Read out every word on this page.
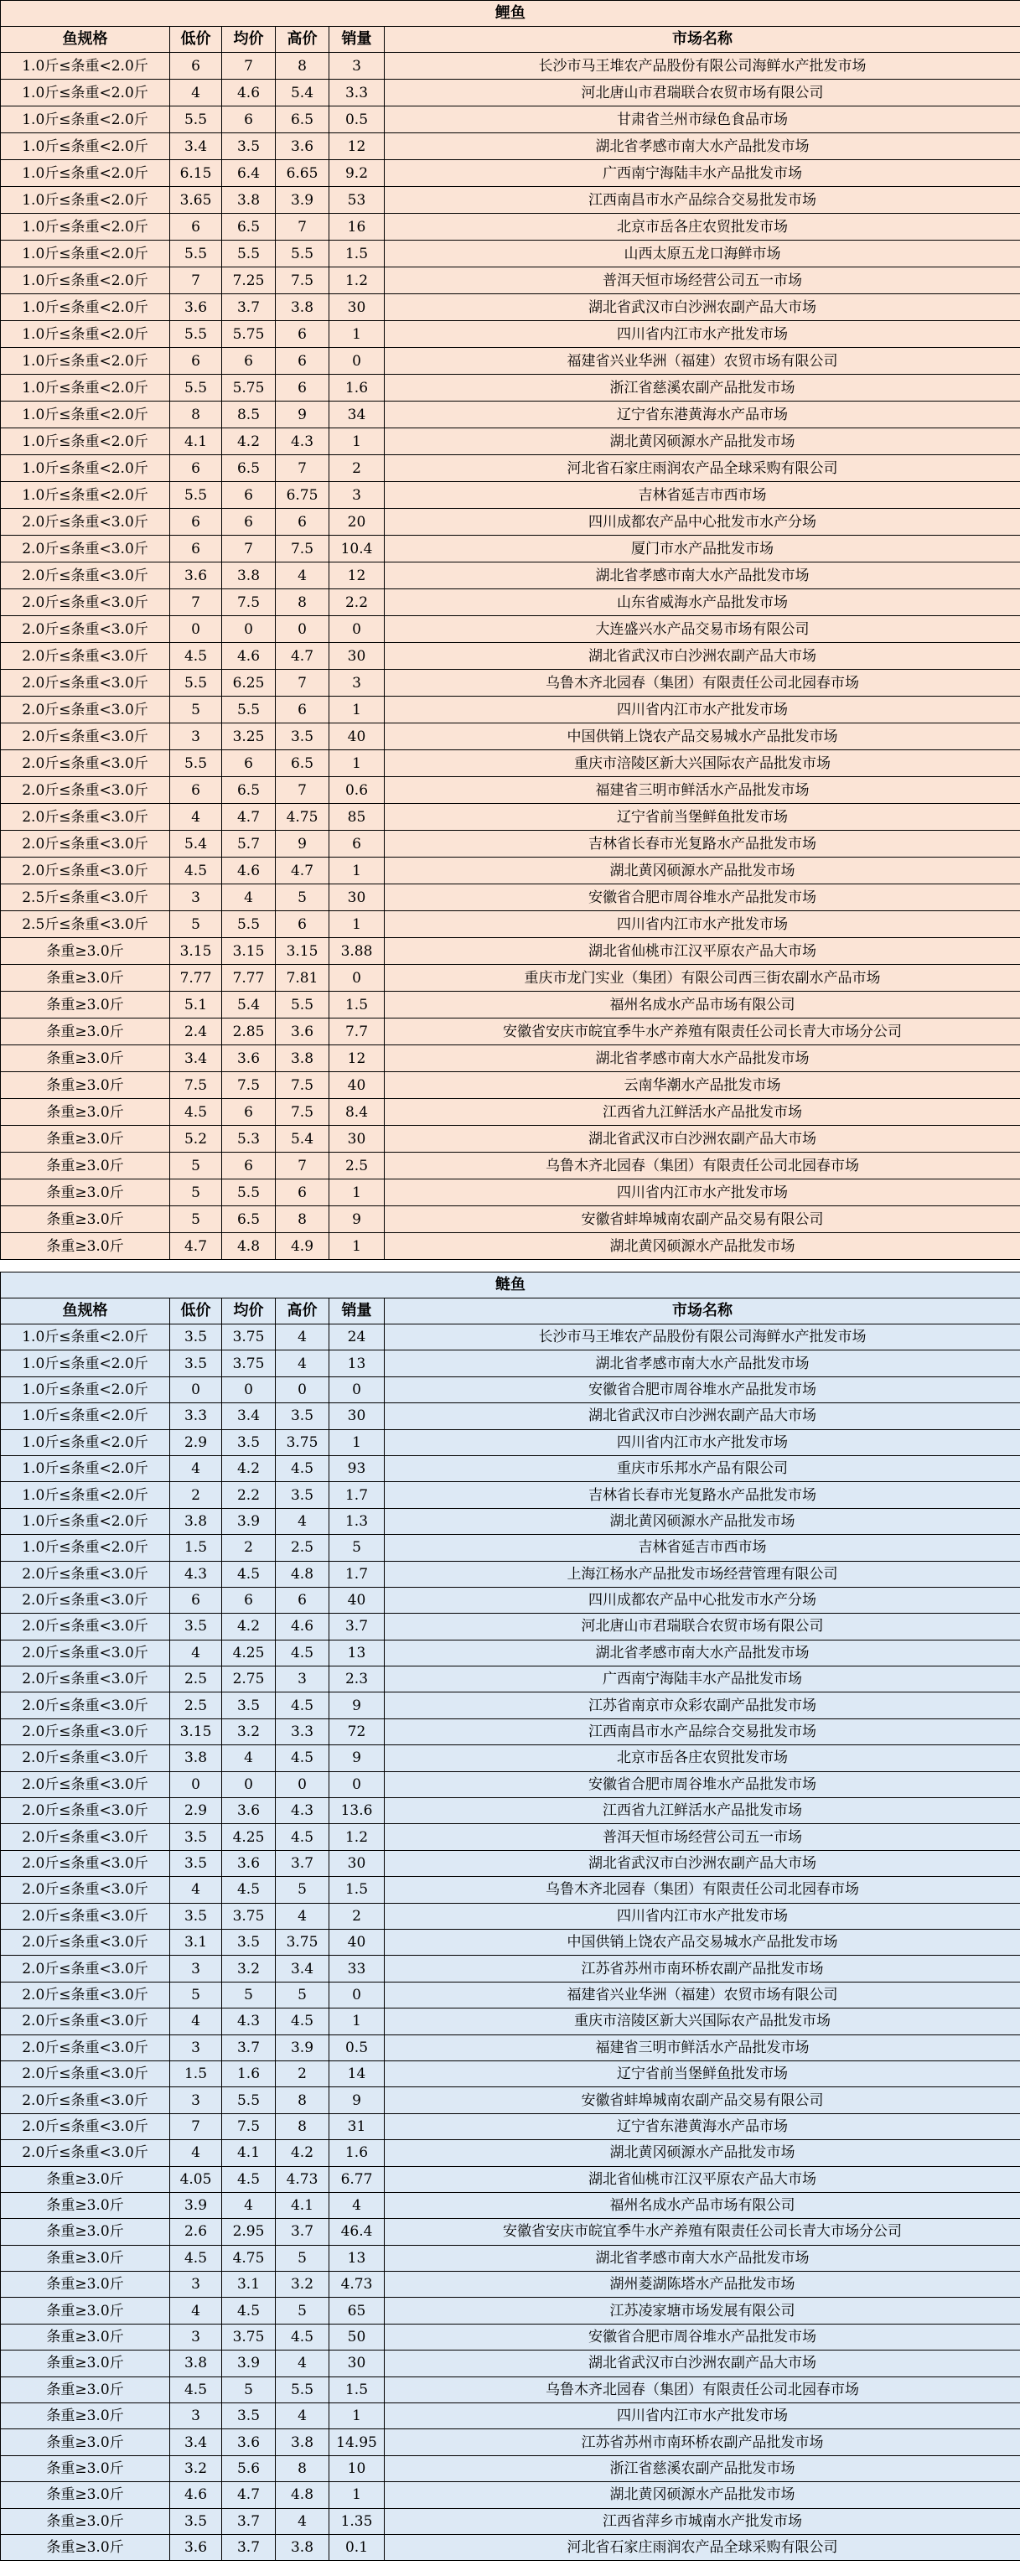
鲤鱼					
鱼规格	低价	均价	高价	销量	市场名称
1.0斤≤条重<2.0斤	6	7	8	3	长沙市马王堆农产品股份有限公司海鲜水产批发市场
1.0斤≤条重<2.0斤	4	4.6	5.4	3.3	河北唐山市君瑞联合农贸市场有限公司
1.0斤≤条重<2.0斤	5.5	6	6.5	0.5	甘肃省兰州市绿色食品市场
1.0斤≤条重<2.0斤	3.4	3.5	3.6	12	湖北省孝感市南大水产品批发市场
1.0斤≤条重<2.0斤	6.15	6.4	6.65	9.2	广西南宁海陆丰水产品批发市场
1.0斤≤条重<2.0斤	3.65	3.8	3.9	53	江西南昌市水产品综合交易批发市场
1.0斤≤条重<2.0斤	6	6.5	7	16	北京市岳各庄农贸批发市场
1.0斤≤条重<2.0斤	5.5	5.5	5.5	1.5	山西太原五龙口海鲜市场
1.0斤≤条重<2.0斤	7	7.25	7.5	1.2	普洱天恒市场经营公司五一市场
1.0斤≤条重<2.0斤	3.6	3.7	3.8	30	湖北省武汉市白沙洲农副产品大市场
1.0斤≤条重<2.0斤	5.5	5.75	6	1	四川省内江市水产批发市场
1.0斤≤条重<2.0斤	6	6	6	0	福建省兴业华洲（福建）农贸市场有限公司
1.0斤≤条重<2.0斤	5.5	5.75	6	1.6	浙江省慈溪农副产品批发市场
1.0斤≤条重<2.0斤	8	8.5	9	34	辽宁省东港黄海水产品市场
1.0斤≤条重<2.0斤	4.1	4.2	4.3	1	湖北黄冈硕源水产品批发市场
1.0斤≤条重<2.0斤	6	6.5	7	2	河北省石家庄雨润农产品全球采购有限公司
1.0斤≤条重<2.0斤	5.5	6	6.75	3	吉林省延吉市西市场
2.0斤≤条重<3.0斤	6	6	6	20	四川成都农产品中心批发市水产分场
2.0斤≤条重<3.0斤	6	7	7.5	10.4	厦门市水产品批发市场
2.0斤≤条重<3.0斤	3.6	3.8	4	12	湖北省孝感市南大水产品批发市场
2.0斤≤条重<3.0斤	7	7.5	8	2.2	山东省威海水产品批发市场
2.0斤≤条重<3.0斤	0	0	0	0	大连盛兴水产品交易市场有限公司
2.0斤≤条重<3.0斤	4.5	4.6	4.7	30	湖北省武汉市白沙洲农副产品大市场
2.0斤≤条重<3.0斤	5.5	6.25	7	3	乌鲁木齐北园春（集团）有限责任公司北园春市场
2.0斤≤条重<3.0斤	5	5.5	6	1	四川省内江市水产批发市场
2.0斤≤条重<3.0斤	3	3.25	3.5	40	中国供销上饶农产品交易城水产品批发市场
2.0斤≤条重<3.0斤	5.5	6	6.5	1	重庆市涪陵区新大兴国际农产品批发市场
2.0斤≤条重<3.0斤	6	6.5	7	0.6	福建省三明市鲜活水产品批发市场
2.0斤≤条重<3.0斤	4	4.7	4.75	85	辽宁省前当堡鲜鱼批发市场
2.0斤≤条重<3.0斤	5.4	5.7	9	6	吉林省长春市光复路水产品批发市场
2.0斤≤条重<3.0斤	4.5	4.6	4.7	1	湖北黄冈硕源水产品批发市场
2.5斤≤条重<3.0斤	3	4	5	30	安徽省合肥市周谷堆水产品批发市场
2.5斤≤条重<3.0斤	5	5.5	6	1	四川省内江市水产批发市场
条重≥3.0斤	3.15	3.15	3.15	3.88	湖北省仙桃市江汉平原农产品大市场
条重≥3.0斤	7.77	7.77	7.81	0	重庆市龙门实业（集团）有限公司西三街农副水产品市场
条重≥3.0斤	5.1	5.4	5.5	1.5	福州名成水产品市场有限公司
条重≥3.0斤	2.4	2.85	3.6	7.7	安徽省安庆市皖宜季牛水产养殖有限责任公司长青大市场分公司
条重≥3.0斤	3.4	3.6	3.8	12	湖北省孝感市南大水产品批发市场
条重≥3.0斤	7.5	7.5	7.5	40	云南华潮水产品批发市场
条重≥3.0斤	4.5	6	7.5	8.4	江西省九江鲜活水产品批发市场
条重≥3.0斤	5.2	5.3	5.4	30	湖北省武汉市白沙洲农副产品大市场
条重≥3.0斤	5	6	7	2.5	乌鲁木齐北园春（集团）有限责任公司北园春市场
条重≥3.0斤	5	5.5	6	1	四川省内江市水产批发市场
条重≥3.0斤	5	6.5	8	9	安徽省蚌埠城南农副产品交易有限公司
条重≥3.0斤	4.7	4.8	4.9	1	湖北黄冈硕源水产品批发市场
鲢鱼					
鱼规格	低价	均价	高价	销量	市场名称
1.0斤≤条重<2.0斤	3.5	3.75	4	24	长沙市马王堆农产品股份有限公司海鲜水产批发市场
1.0斤≤条重<2.0斤	3.5	3.75	4	13	湖北省孝感市南大水产品批发市场
1.0斤≤条重<2.0斤	0	0	0	0	安徽省合肥市周谷堆水产品批发市场
1.0斤≤条重<2.0斤	3.3	3.4	3.5	30	湖北省武汉市白沙洲农副产品大市场
1.0斤≤条重<2.0斤	2.9	3.5	3.75	1	四川省内江市水产批发市场
1.0斤≤条重<2.0斤	4	4.2	4.5	93	重庆市乐邦水产品有限公司
1.0斤≤条重<2.0斤	2	2.2	3.5	1.7	吉林省长春市光复路水产品批发市场
1.0斤≤条重<2.0斤	3.8	3.9	4	1.3	湖北黄冈硕源水产品批发市场
1.0斤≤条重<2.0斤	1.5	2	2.5	5	吉林省延吉市西市场
2.0斤≤条重<3.0斤	4.3	4.5	4.8	1.7	上海江杨水产品批发市场经营管理有限公司
2.0斤≤条重<3.0斤	6	6	6	40	四川成都农产品中心批发市水产分场
2.0斤≤条重<3.0斤	3.5	4.2	4.6	3.7	河北唐山市君瑞联合农贸市场有限公司
2.0斤≤条重<3.0斤	4	4.25	4.5	13	湖北省孝感市南大水产品批发市场
2.0斤≤条重<3.0斤	2.5	2.75	3	2.3	广西南宁海陆丰水产品批发市场
2.0斤≤条重<3.0斤	2.5	3.5	4.5	9	江苏省南京市众彩农副产品批发市场
2.0斤≤条重<3.0斤	3.15	3.2	3.3	72	江西南昌市水产品综合交易批发市场
2.0斤≤条重<3.0斤	3.8	4	4.5	9	北京市岳各庄农贸批发市场
2.0斤≤条重<3.0斤	0	0	0	0	安徽省合肥市周谷堆水产品批发市场
2.0斤≤条重<3.0斤	2.9	3.6	4.3	13.6	江西省九江鲜活水产品批发市场
2.0斤≤条重<3.0斤	3.5	4.25	4.5	1.2	普洱天恒市场经营公司五一市场
2.0斤≤条重<3.0斤	3.5	3.6	3.7	30	湖北省武汉市白沙洲农副产品大市场
2.0斤≤条重<3.0斤	4	4.5	5	1.5	乌鲁木齐北园春（集团）有限责任公司北园春市场
2.0斤≤条重<3.0斤	3.5	3.75	4	2	四川省内江市水产批发市场
2.0斤≤条重<3.0斤	3.1	3.5	3.75	40	中国供销上饶农产品交易城水产品批发市场
2.0斤≤条重<3.0斤	3	3.2	3.4	33	江苏省苏州市南环桥农副产品批发市场
2.0斤≤条重<3.0斤	5	5	5	0	福建省兴业华洲（福建）农贸市场有限公司
2.0斤≤条重<3.0斤	4	4.3	4.5	1	重庆市涪陵区新大兴国际农产品批发市场
2.0斤≤条重<3.0斤	3	3.7	3.9	0.5	福建省三明市鲜活水产品批发市场
2.0斤≤条重<3.0斤	1.5	1.6	2	14	辽宁省前当堡鲜鱼批发市场
2.0斤≤条重<3.0斤	3	5.5	8	9	安徽省蚌埠城南农副产品交易有限公司
2.0斤≤条重<3.0斤	7	7.5	8	31	辽宁省东港黄海水产品市场
2.0斤≤条重<3.0斤	4	4.1	4.2	1.6	湖北黄冈硕源水产品批发市场
条重≥3.0斤	4.05	4.5	4.73	6.77	湖北省仙桃市江汉平原农产品大市场
条重≥3.0斤	3.9	4	4.1	4	福州名成水产品市场有限公司
条重≥3.0斤	2.6	2.95	3.7	46.4	安徽省安庆市皖宜季牛水产养殖有限责任公司长青大市场分公司
条重≥3.0斤	4.5	4.75	5	13	湖北省孝感市南大水产品批发市场
条重≥3.0斤	3	3.1	3.2	4.73	湖州菱湖陈塔水产品批发市场
条重≥3.0斤	4	4.5	5	65	江苏凌家塘市场发展有限公司
条重≥3.0斤	3	3.75	4.5	50	安徽省合肥市周谷堆水产品批发市场
条重≥3.0斤	3.8	3.9	4	30	湖北省武汉市白沙洲农副产品大市场
条重≥3.0斤	4.5	5	5.5	1.5	乌鲁木齐北园春（集团）有限责任公司北园春市场
条重≥3.0斤	3	3.5	4	1	四川省内江市水产批发市场
条重≥3.0斤	3.4	3.6	3.8	14.95	江苏省苏州市南环桥农副产品批发市场
条重≥3.0斤	3.2	5.6	8	10	浙江省慈溪农副产品批发市场
条重≥3.0斤	4.6	4.7	4.8	1	湖北黄冈硕源水产品批发市场
条重≥3.0斤	3.5	3.7	4	1.35	江西省萍乡市城南水产批发市场
条重≥3.0斤	3.6	3.7	3.8	0.1	河北省石家庄雨润农产品全球采购有限公司
